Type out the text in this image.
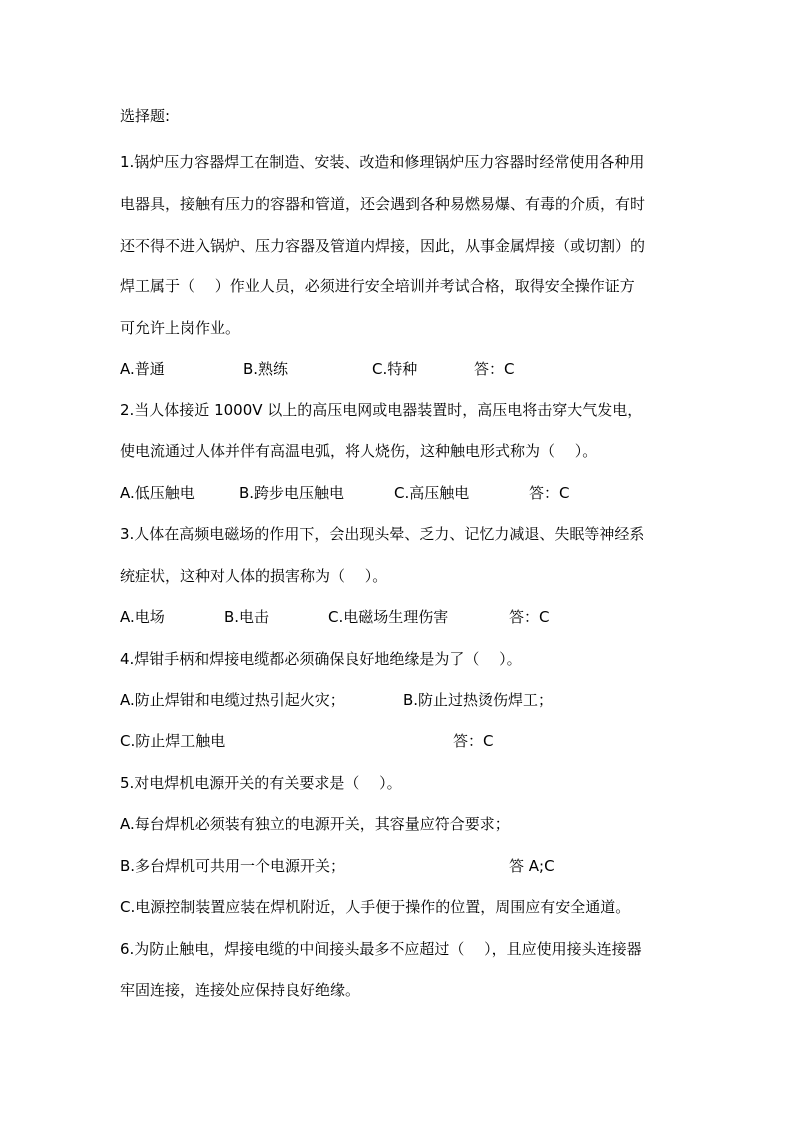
选择题:

1.锅炉压力容器焊工在制造、安装、改造和修理锅炉压力容器时经常使用各种用

电器具，接触有压力的容器和管道，还会遇到各种易燃易爆、有毒的介质，有时

还不得不进入锅炉、压力容器及管道内焊接，因此，从事金属焊接（或切割）的

焊工属于（　 ）作业人员，必须进行安全培训并考试合格，取得安全操作证方

可允许上岗作业。

A.普通	B.熟练	C.特种	答：C

2.当人体接近 1000V 以上的高压电网或电器装置时，高压电将击穿大气发电，

使电流通过人体并伴有高温电弧，将人烧伤，这种触电形式称为（　 ）。

A.低压触电	B.跨步电压触电	C.高压触电	答：C

3.人体在高频电磁场的作用下，会出现头晕、乏力、记忆力减退、失眠等神经系

统症状，这种对人体的损害称为（　 ）。

A.电场	B.电击	C.电磁场生理伤害	答：C

4.焊钳手柄和焊接电缆都必须确保良好地绝缘是为了（　 ）。

A.防止焊钳和电缆过热引起火灾；	B.防止过热烫伤焊工；
C.防止焊工触电	答：C

5.对电焊机电源开关的有关要求是（　 ）。

A.每台焊机必须装有独立的电源开关，其容量应符合要求；

B.多台焊机可共用一个电源开关；	答 A;C

C.电源控制装置应装在焊机附近，人手便于操作的位置，周围应有安全通道。

6.为防止触电，焊接电缆的中间接头最多不应超过（　 ），且应使用接头连接器

牢固连接，连接处应保持良好绝缘。
